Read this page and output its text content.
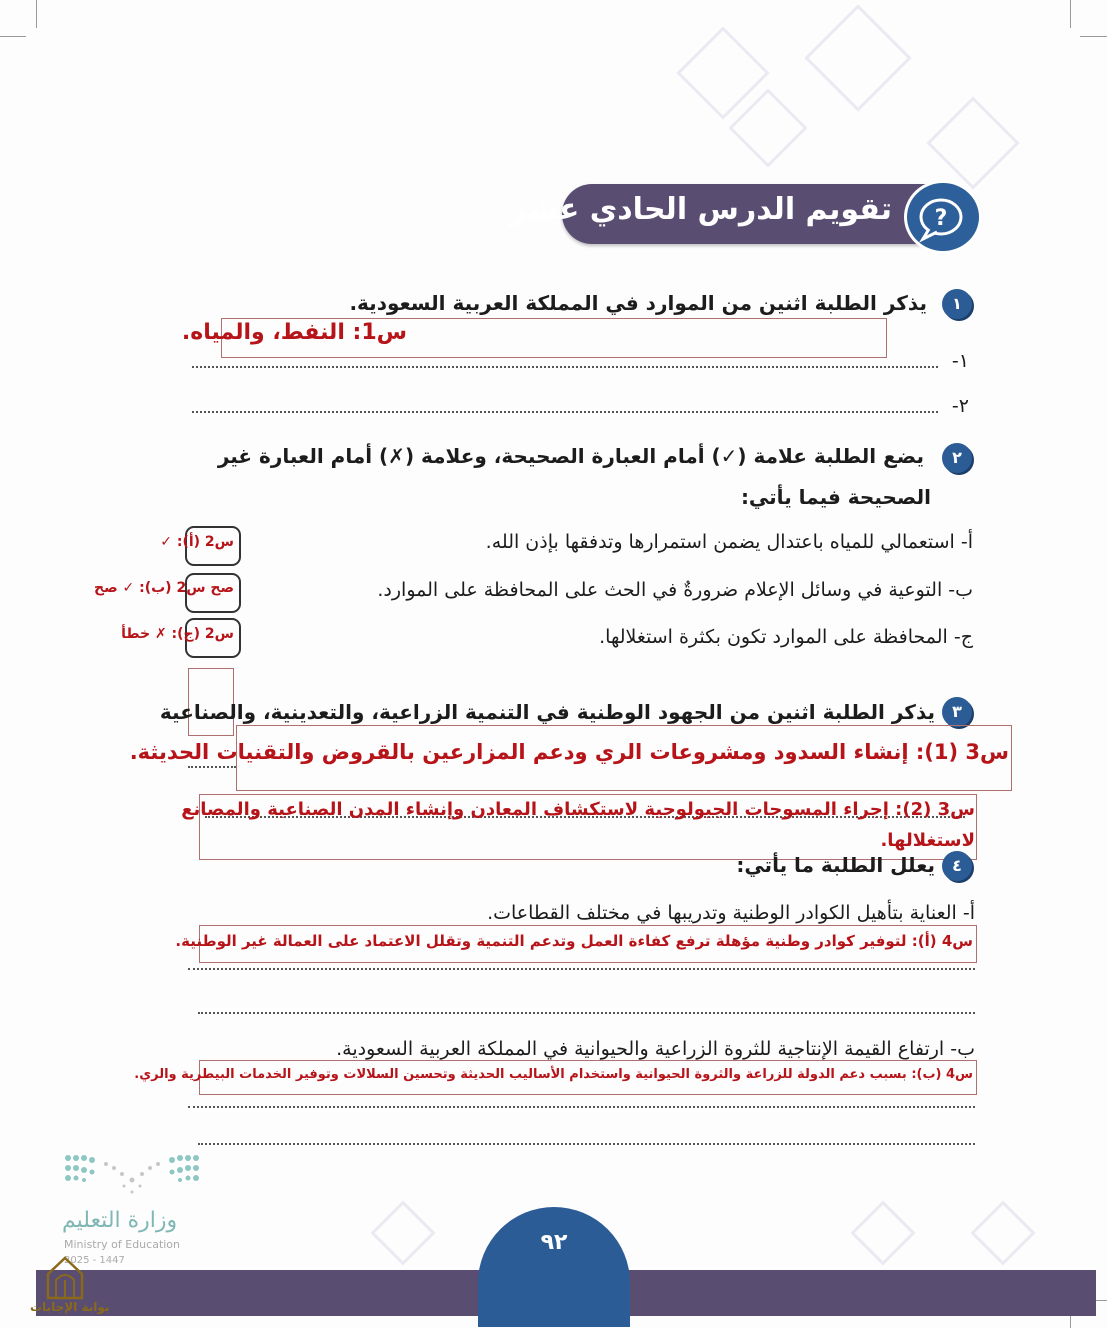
تقويم الدرس الحادي عشر ?
١
يذكر الطلبة اثنين من الموارد في المملكة العربية السعودية.
س1: النفط، والمياه.
١-
٢-
٢
يضع الطلبة علامة (✓) أمام العبارة الصحيحة، وعلامة (✗) أمام العبارة غير
الصحيحة فيما يأتي:
أ- استعمالي للمياه باعتدال يضمن استمرارها وتدفقها بإذن الله.
ب- التوعية في وسائل الإعلام ضرورةٌ في الحث على المحافظة على الموارد.
ج- المحافظة على الموارد تكون بكثرة استغلالها.
س2 (أ): ✓
صح س2 (ب): ✓ صح
س2 (ج): ✗ خطأ
٣
يذكر الطلبة اثنين من الجهود الوطنية في التنمية الزراعية، والتعدينية، والصناعية
س3 (1): إنشاء السدود ومشروعات الري ودعم المزارعين بالقروض والتقنيات الحديثة.
س3 (2): إجراء المسوحات الجيولوجية لاستكشاف المعادن وإنشاء المدن الصناعية والمصانع
لاستغلالها.
٤
يعلل الطلبة ما يأتي:
أ- العناية بتأهيل الكوادر الوطنية وتدريبها في مختلف القطاعات.
س4 (أ): لتوفير كوادر وطنية مؤهلة ترفع كفاءة العمل وتدعم التنمية وتقلل الاعتماد على العمالة غير الوطنية.
ب- ارتفاع القيمة الإنتاجية للثروة الزراعية والحيوانية في المملكة العربية السعودية.
س4 (ب): بسبب دعم الدولة للزراعة والثروة الحيوانية واستخدام الأساليب الحديثة وتحسين السلالات وتوفير الخدمات البيطرية والري.
وزارة التعليم
Ministry of Education
2025 - 1447
٩٢
بوابة الإجابات
